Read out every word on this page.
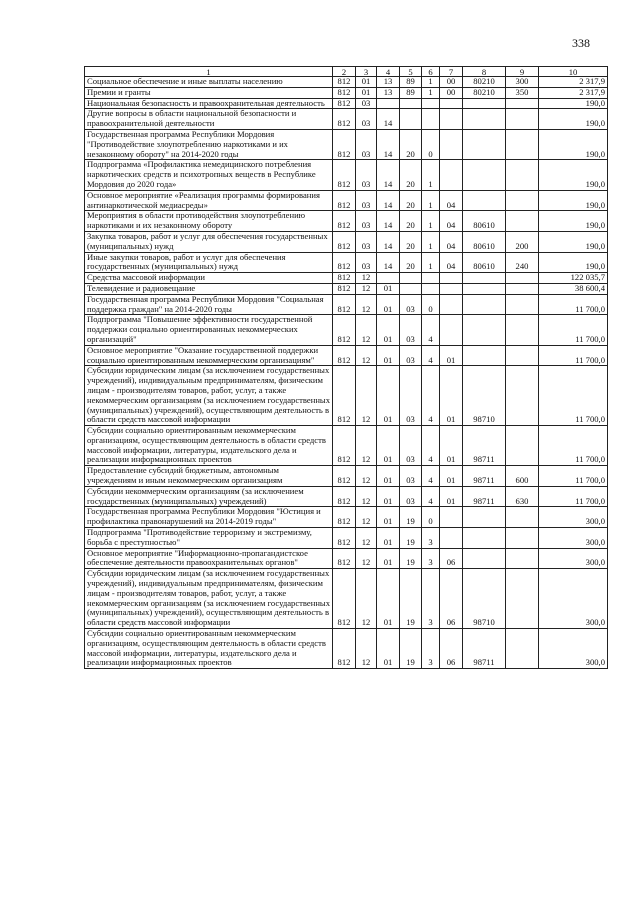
338
1	2	3	4	5	6	7	8	9	10
Социальное обеспечение и иные выплаты населению	812	01	13	89	1	00	80210	300	2 317,9
Премии и гранты	812	01	13	89	1	00	80210	350	2 317,9
Национальная безопасность и правоохранительная деятельность	812	03							190,0
Другие вопросы в области национальной безопасности и правоохранительной деятельности	812	03	14						190,0
Государственная программа Республики Мордовия "Противодействие злоупотреблению наркотиками и их незаконному обороту" на 2014-2020 годы	812	03	14	20	0				190,0
Подпрограмма «Профилактика немедицинского потребления наркотических средств и психотропных веществ в Республике Мордовия до 2020 года»	812	03	14	20	1				190,0
Основное мероприятие «Реализация программы формирования антинаркотической медиасреды»	812	03	14	20	1	04			190,0
Мероприятия в области противодействия злоупотреблению наркотиками и их незаконному обороту	812	03	14	20	1	04	80610		190,0
Закупка товаров, работ и услуг для обеспечения государственных (муниципальных) нужд	812	03	14	20	1	04	80610	200	190,0
Иные закупки товаров, работ и услуг для обеспечения государственных (муниципальных) нужд	812	03	14	20	1	04	80610	240	190,0
Средства массовой информации	812	12							122 035,7
Телевидение и радиовещание	812	12	01						38 600,4
Государственная программа Республики Мордовия "Социальная поддержка граждан" на 2014-2020 годы	812	12	01	03	0				11 700,0
Подпрограмма "Повышение эффективности государственной поддержки социально ориентированных некоммерческих организаций"	812	12	01	03	4				11 700,0
Основное мероприятие "Оказание государственной поддержки социально ориентированным некоммерческим организациям"	812	12	01	03	4	01			11 700,0
Субсидии юридическим лицам (за исключением государственных учреждений), индивидуальным предпринимателям, физическим лицам - производителям товаров, работ, услуг, а также некоммерческим организациям (за исключением государственных (муниципальных) учреждений), осуществляющим деятельность в области средств массовой информации	812	12	01	03	4	01	98710		11 700,0
Субсидии социально ориентированным некоммерческим организациям, осуществляющим деятельность в области средств массовой информации, литературы, издательского дела и реализации информационных проектов	812	12	01	03	4	01	98711		11 700,0
Предоставление субсидий бюджетным, автономным учреждениям и иным некоммерческим организациям	812	12	01	03	4	01	98711	600	11 700,0
Субсидии некоммерческим организациям (за исключением государственных (муниципальных) учреждений)	812	12	01	03	4	01	98711	630	11 700,0
Государственная программа Республики Мордовия "Юстиция и профилактика правонарушений на 2014-2019 годы"	812	12	01	19	0				300,0
Подпрограмма "Противодействие терроризму и экстремизму, борьба с преступностью"	812	12	01	19	3				300,0
Основное мероприятие "Информационно-пропагандистское обеспечение деятельности правоохранительных органов"	812	12	01	19	3	06			300,0
Субсидии юридическим лицам (за исключением государственных учреждений), индивидуальным предпринимателям, физическим лицам - производителям товаров, работ, услуг, а также некоммерческим организациям (за исключением государственных (муниципальных) учреждений), осуществляющим деятельность в области средств массовой информации	812	12	01	19	3	06	98710		300,0
Субсидии социально ориентированным некоммерческим организациям, осуществляющим деятельность в области средств массовой информации, литературы, издательского дела и реализации информационных проектов	812	12	01	19	3	06	98711		300,0
